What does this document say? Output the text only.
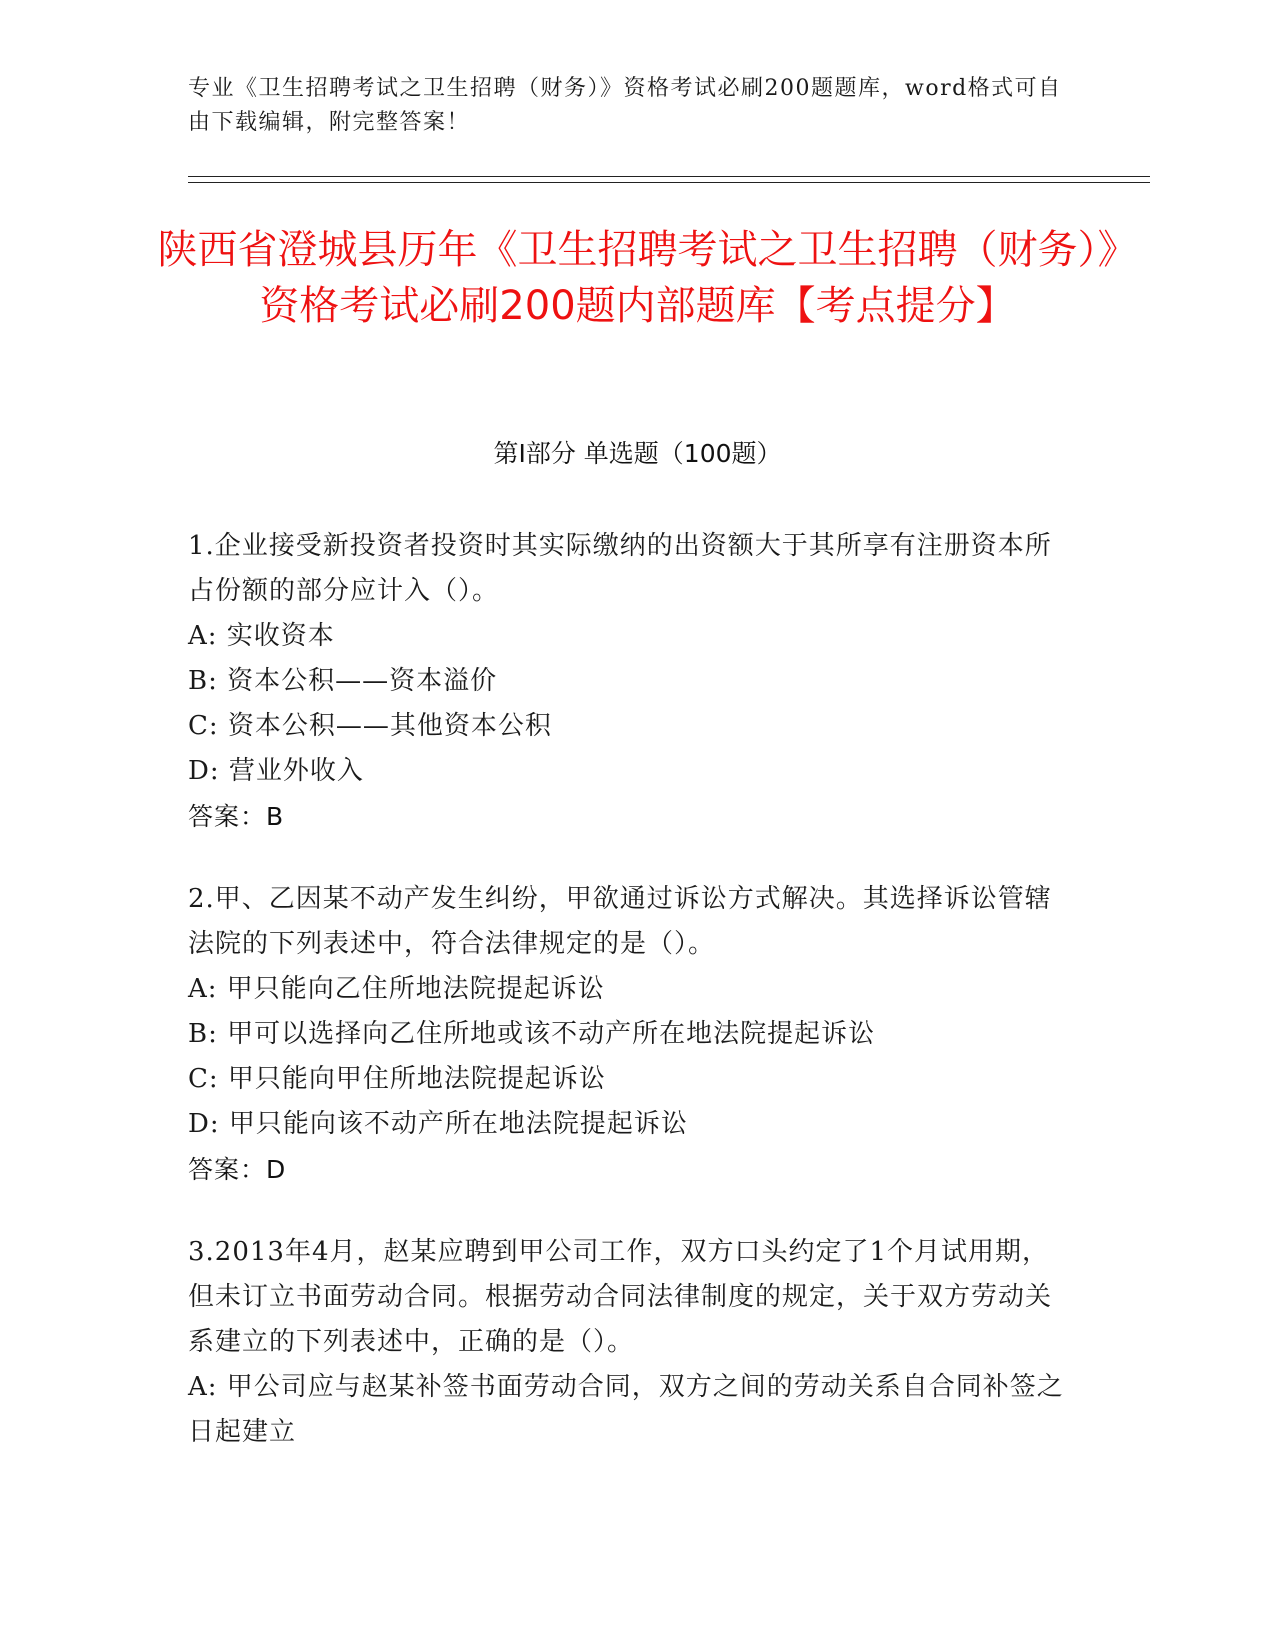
专业《卫生招聘考试之卫生招聘（财务）》资格考试必刷200题题库，word格式可自由下载编辑，附完整答案！
陕西省澄城县历年《卫生招聘考试之卫生招聘（财务）》资格考试必刷200题内部题库【考点提分】
第I部分 单选题（100题）
1.企业接受新投资者投资时其实际缴纳的出资额大于其所享有注册资本所占份额的部分应计入（）。
A: 实收资本
B: 资本公积——资本溢价
C: 资本公积——其他资本公积
D: 营业外收入
答案：B
2.甲、乙因某不动产发生纠纷，甲欲通过诉讼方式解决。其选择诉讼管辖法院的下列表述中，符合法律规定的是（）。
A: 甲只能向乙住所地法院提起诉讼
B: 甲可以选择向乙住所地或该不动产所在地法院提起诉讼
C: 甲只能向甲住所地法院提起诉讼
D: 甲只能向该不动产所在地法院提起诉讼
答案：D
3.2013年4月，赵某应聘到甲公司工作，双方口头约定了1个月试用期，但未订立书面劳动合同。根据劳动合同法律制度的规定，关于双方劳动关系建立的下列表述中，正确的是（）。
A: 甲公司应与赵某补签书面劳动合同，双方之间的劳动关系自合同补签之日起建立
